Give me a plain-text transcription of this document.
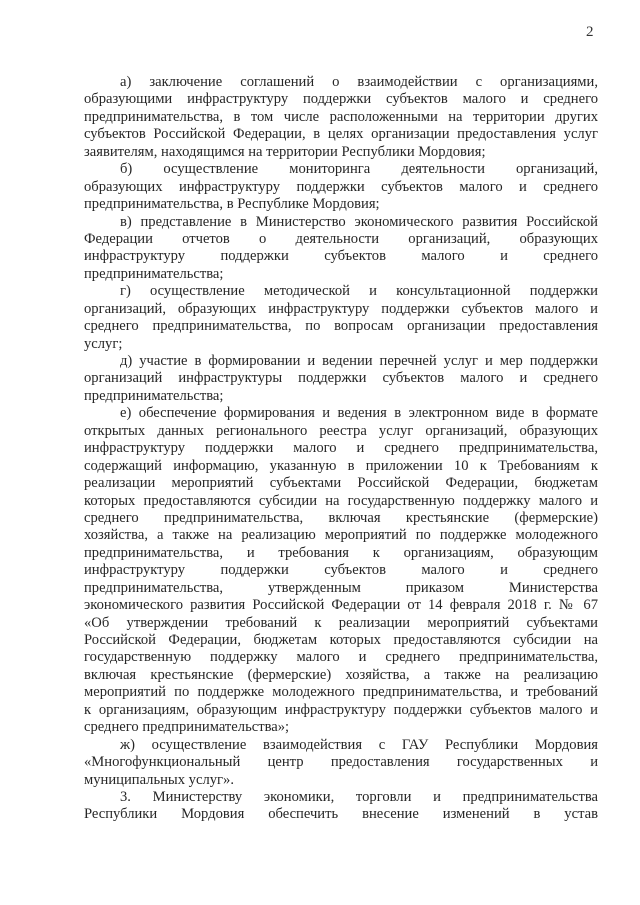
2
а) заключение соглашений о взаимодействии с организациями,
образующими инфраструктуру поддержки субъектов малого и среднего
предпринимательства, в том числе расположенными на территории других
субъектов Российской Федерации, в целях организации предоставления услуг
заявителям, находящимся на территории Республики Мордовия;
б) осуществление мониторинга деятельности организаций,
образующих инфраструктуру поддержки субъектов малого и среднего
предпринимательства, в Республике Мордовия;
в) представление в Министерство экономического развития Российской
Федерации отчетов о деятельности организаций, образующих
инфраструктуру поддержки субъектов малого и среднего
предпринимательства;
г) осуществление методической и консультационной поддержки
организаций, образующих инфраструктуру поддержки субъектов малого и
среднего предпринимательства, по вопросам организации предоставления
услуг;
д) участие в формировании и ведении перечней услуг и мер поддержки
организаций инфраструктуры поддержки субъектов малого и среднего
предпринимательства;
е) обеспечение формирования и ведения в электронном виде в формате
открытых данных регионального реестра услуг организаций, образующих
инфраструктуру поддержки малого и среднего предпринимательства,
содержащий информацию, указанную в приложении 10 к Требованиям к
реализации мероприятий субъектами Российской Федерации, бюджетам
которых предоставляются субсидии на государственную поддержку малого и
среднего предпринимательства, включая крестьянские (фермерские)
хозяйства, а также на реализацию мероприятий по поддержке молодежного
предпринимательства, и требования к организациям, образующим
инфраструктуру поддержки субъектов малого и среднего
предпринимательства, утвержденным приказом Министерства
экономического развития Российской Федерации от 14 февраля 2018 г. № 67
«Об утверждении требований к реализации мероприятий субъектами
Российской Федерации, бюджетам которых предоставляются субсидии на
государственную поддержку малого и среднего предпринимательства,
включая крестьянские (фермерские) хозяйства, а также на реализацию
мероприятий по поддержке молодежного предпринимательства, и требований
к организациям, образующим инфраструктуру поддержки субъектов малого и
среднего предпринимательства»;
ж) осуществление взаимодействия с ГАУ Республики Мордовия
«Многофункциональный центр предоставления государственных и
муниципальных услуг».
3. Министерству экономики, торговли и предпринимательства
Республики Мордовия обеспечить внесение изменений в устав
